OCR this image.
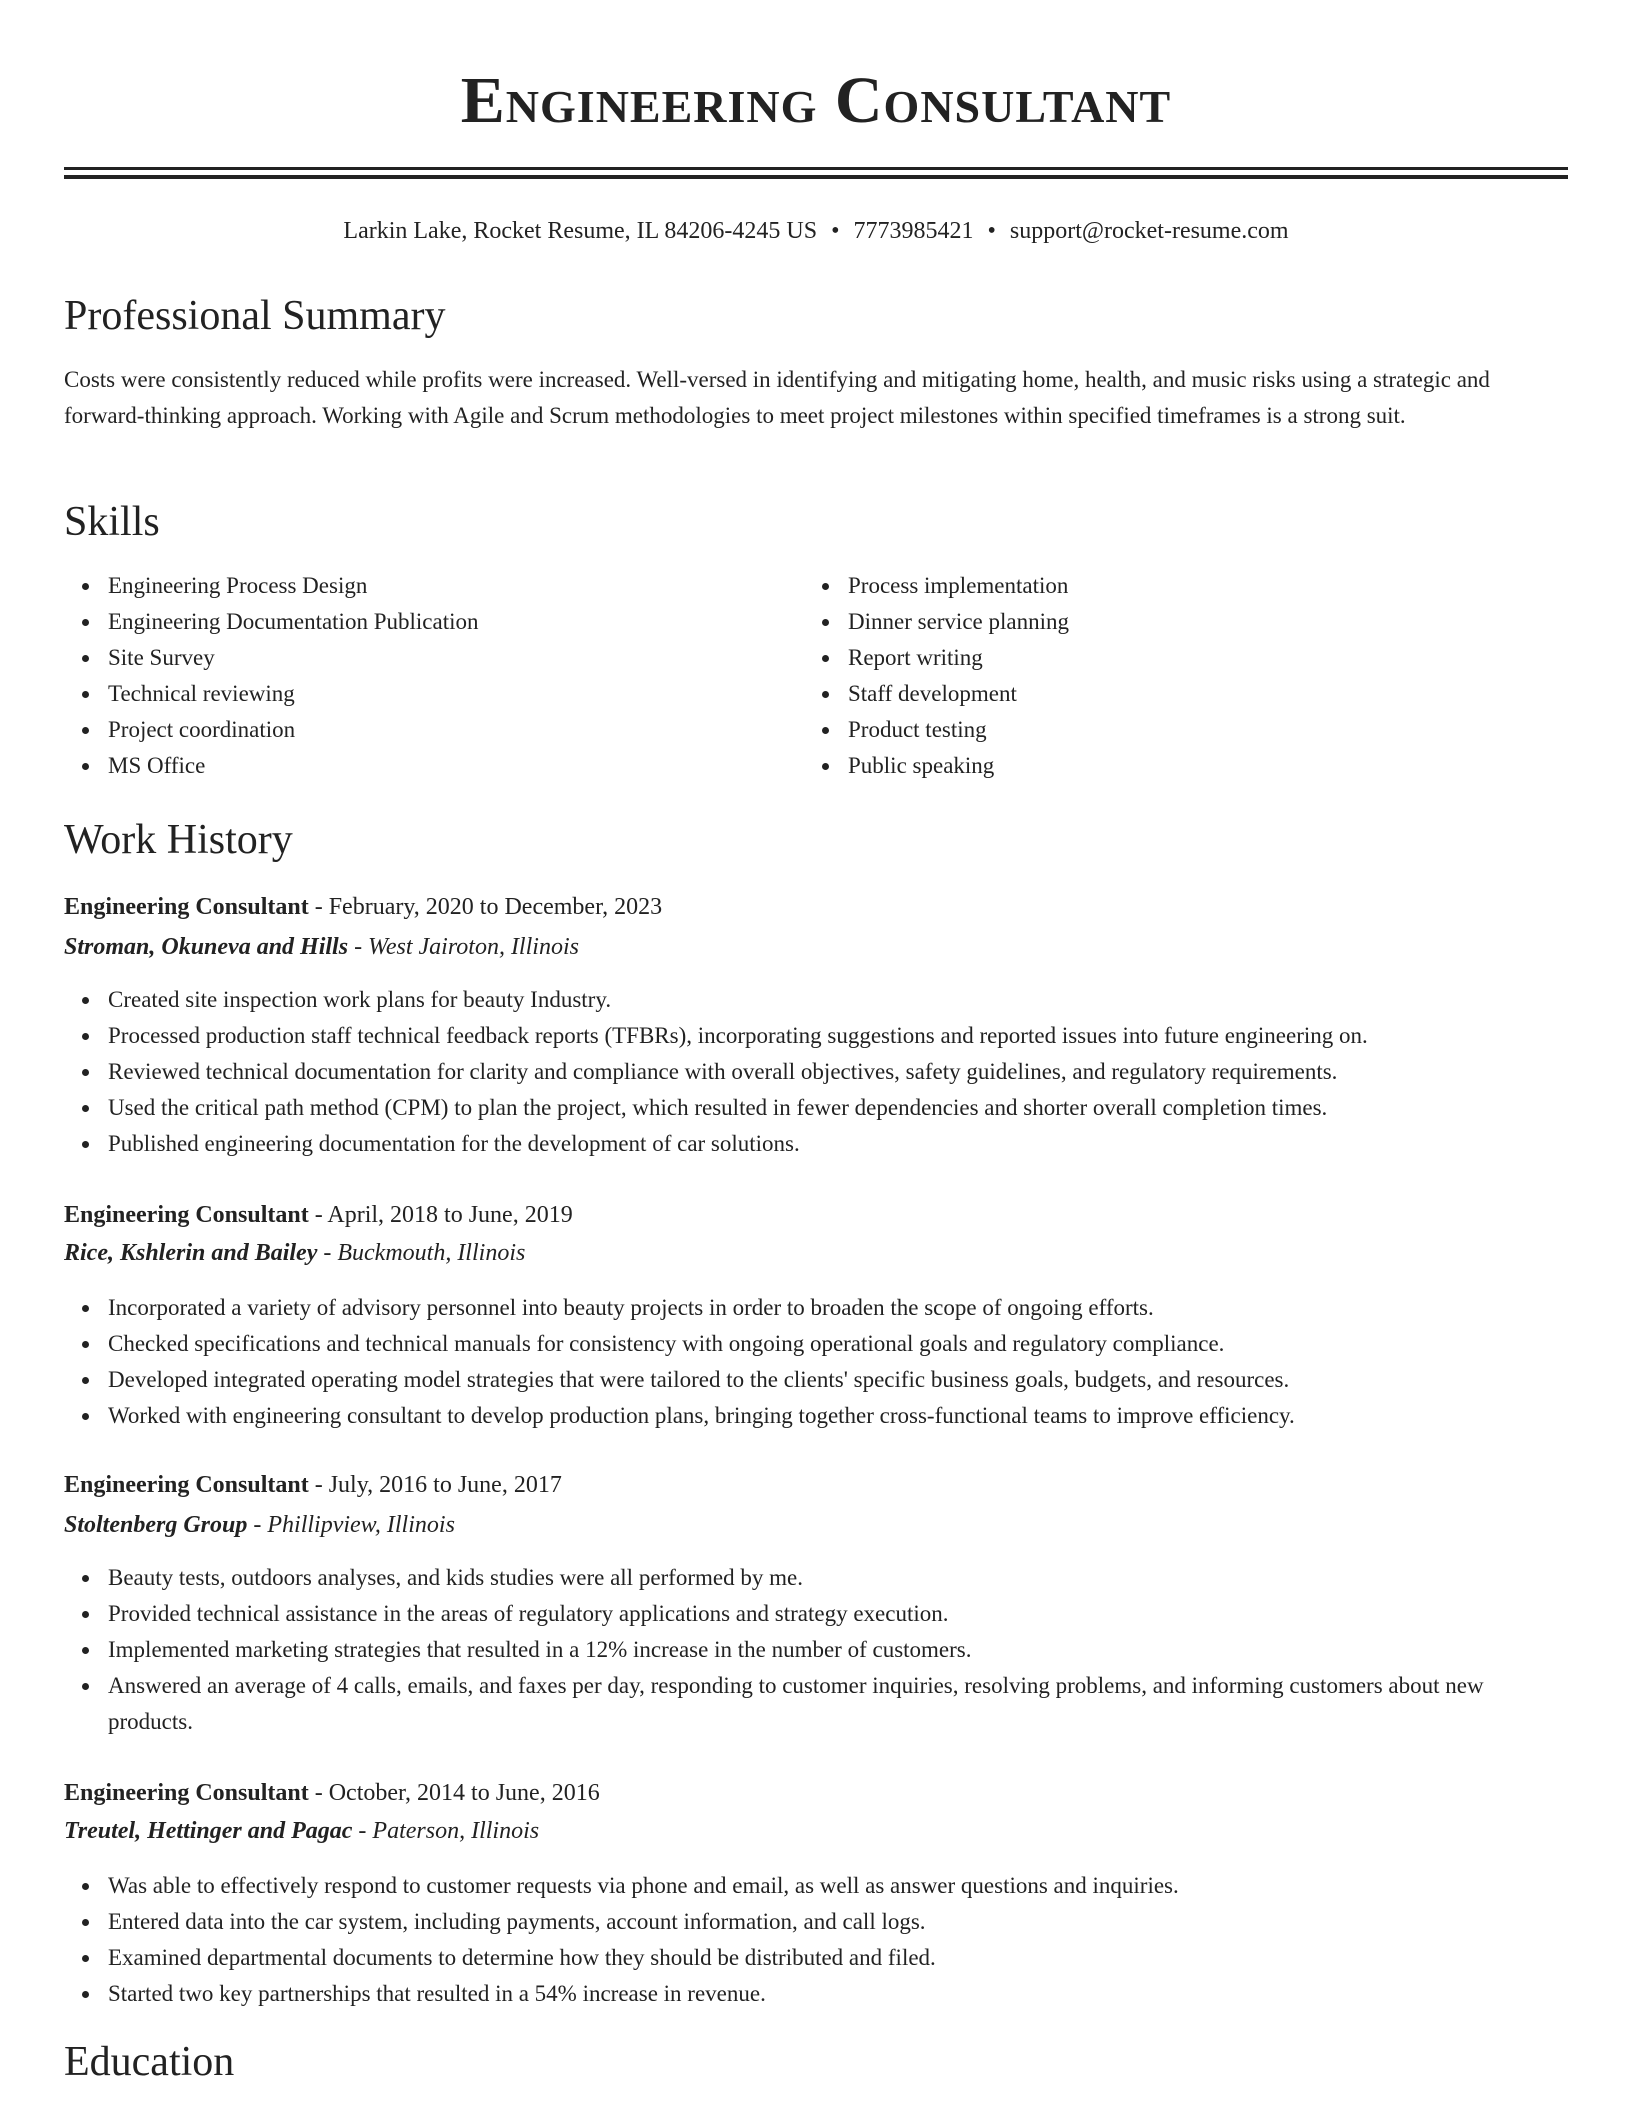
Engineering Consultant
Larkin Lake, Rocket Resume, IL 84206-4245 US • 7773985421 • support@rocket-resume.com
Professional Summary

Costs were consistently reduced while profits were increased. Well-versed in identifying and mitigating home, health, and music risks using a strategic and forward-thinking approach. Working with Agile and Scrum methodologies to meet project milestones within specified timeframes is a strong suit.

Skills
Engineering Process Design
Engineering Documentation Publication
Site Survey
Technical reviewing
Project coordination
MS Office
Process implementation
Dinner service planning
Report writing
Staff development
Product testing
Public speaking
Work History
Engineering Consultant - February, 2020 to December, 2023
Stroman, Okuneva and Hills - West Jairoton, Illinois
Created site inspection work plans for beauty Industry.
Processed production staff technical feedback reports (TFBRs), incorporating suggestions and reported issues into future engineering on.
Reviewed technical documentation for clarity and compliance with overall objectives, safety guidelines, and regulatory requirements.
Used the critical path method (CPM) to plan the project, which resulted in fewer dependencies and shorter overall completion times.
Published engineering documentation for the development of car solutions.
Engineering Consultant - April, 2018 to June, 2019
Rice, Kshlerin and Bailey - Buckmouth, Illinois
Incorporated a variety of advisory personnel into beauty projects in order to broaden the scope of ongoing efforts.
Checked specifications and technical manuals for consistency with ongoing operational goals and regulatory compliance.
Developed integrated operating model strategies that were tailored to the clients' specific business goals, budgets, and resources.
Worked with engineering consultant to develop production plans, bringing together cross-functional teams to improve efficiency.
Engineering Consultant - July, 2016 to June, 2017
Stoltenberg Group - Phillipview, Illinois
Beauty tests, outdoors analyses, and kids studies were all performed by me.
Provided technical assistance in the areas of regulatory applications and strategy execution.
Implemented marketing strategies that resulted in a 12% increase in the number of customers.
Answered an average of 4 calls, emails, and faxes per day, responding to customer inquiries, resolving problems, and informing customers about new products.
Engineering Consultant - October, 2014 to June, 2016
Treutel, Hettinger and Pagac - Paterson, Illinois
Was able to effectively respond to customer requests via phone and email, as well as answer questions and inquiries.
Entered data into the car system, including payments, account information, and call logs.
Examined departmental documents to determine how they should be distributed and filed.
Started two key partnerships that resulted in a 54% increase in revenue.
Education
